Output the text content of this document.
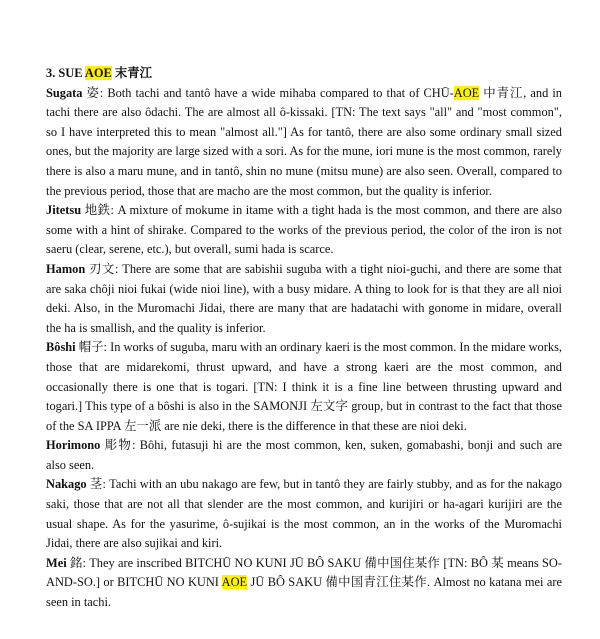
3. SUE AOE 末青江

Sugata 姿: Both tachi and tantô have a wide mihaba compared to that of CHŪ-AOE 中青江, and in tachi there are also ôdachi. The are almost all ô-kissaki. [TN: The text says "all" and "most common", so I have interpreted this to mean "almost all."] As for tantô, there are also some ordinary small sized ones, but the majority are large sized with a sori. As for the mune, iori mune is the most common, rarely there is also a maru mune, and in tantô, shin no mune (mitsu mune) are also seen. Overall, compared to the previous period, those that are macho are the most common, but the quality is inferior.

Jitetsu 地鉄: A mixture of mokume in itame with a tight hada is the most common, and there are also some with a hint of shirake. Compared to the works of the previous period, the color of the iron is not saeru (clear, serene, etc.), but overall, sumi hada is scarce.

Hamon 刃文: There are some that are sabishii suguba with a tight nioi-guchi, and there are some that are saka chôji nioi fukai (wide nioi line), with a busy midare. A thing to look for is that they are all nioi deki. Also, in the Muromachi Jidai, there are many that are hadatachi with gonome in midare, overall the ha is smallish, and the quality is inferior.

Bôshi 帽子: In works of suguba, maru with an ordinary kaeri is the most common. In the midare works, those that are midarekomi, thrust upward, and have a strong kaeri are the most common, and occasionally there is one that is togari. [TN: I think it is a fine line between thrusting upward and togari.] This type of a bôshi is also in the SAMONJI 左文字 group, but in contrast to the fact that those of the SA IPPA 左一派 are nie deki, there is the difference in that these are nioi deki.

Horimono 彫物: Bôhi, futasuji hi are the most common, ken, suken, gomabashi, bonji and such are also seen.

Nakago 茎: Tachi with an ubu nakago are few, but in tantô they are fairly stubby, and as for the nakago saki, those that are not all that slender are the most common, and kurijiri or ha-agari kurijiri are the usual shape. As for the yasurime, ô-sujikai is the most common, an in the works of the Muromachi Jidai, there are also sujikai and kiri.

Mei 銘: They are inscribed BITCHŪ NO KUNI JŪ BÔ SAKU 備中国住某作 [TN: BÔ 某 means SO-AND-SO.] or BITCHŪ NO KUNI AOE JŪ BÔ SAKU 備中国青江住某作. Almost no katana mei are seen in tachi.
